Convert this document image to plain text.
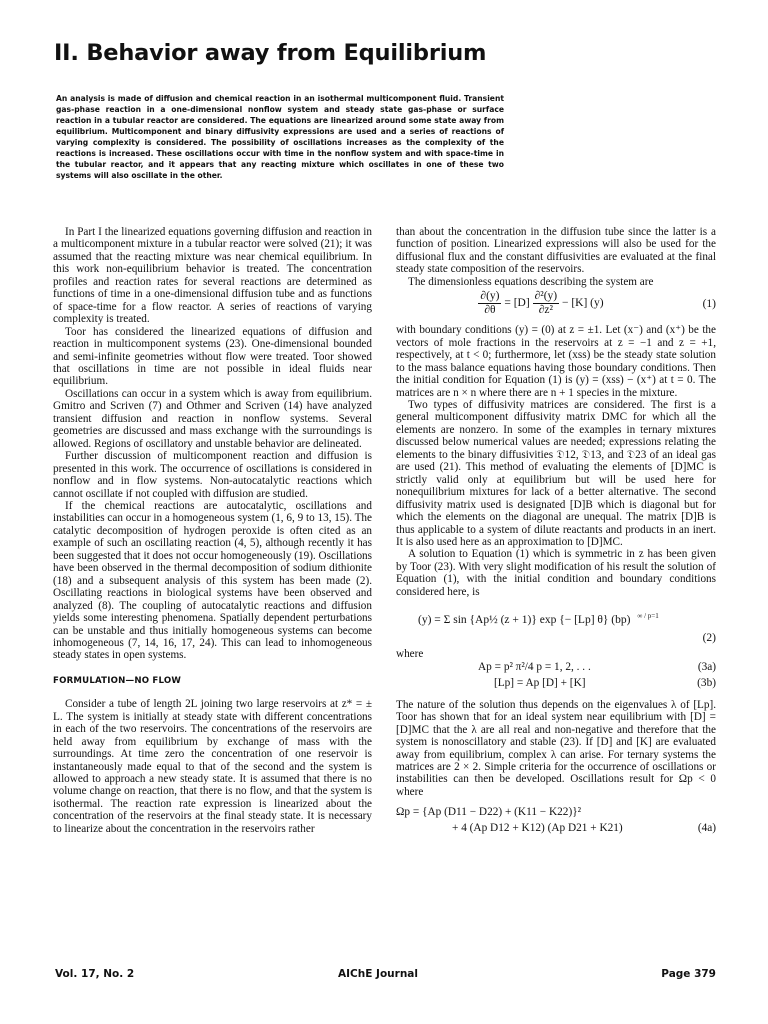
II. Behavior away from Equilibrium

An analysis is made of diffusion and chemical reaction in an isothermal multicomponent fluid. Transient gas-phase reaction in a one-dimensional nonflow system and steady state gas-phase or surface reaction in a tubular reactor are considered. The equations are linearized around some state away from equilibrium. Multicomponent and binary diffusivity expressions are used and a series of reactions of varying complexity is considered. The possibility of oscillations increases as the complexity of the reactions is increased. These oscillations occur with time in the nonflow system and with space-time in the tubular reactor, and it appears that any reacting mixture which oscillates in one of these two systems will also oscillate in the other.

In Part I the linearized equations governing diffusion and reaction in a multicomponent mixture in a tubular reactor were solved (21); it was assumed that the reacting mixture was near chemical equilibrium. In this work non-equilibrium behavior is treated. The concentration profiles and reaction rates for several reactions are determined as functions of time in a one-dimensional diffusion tube and as functions of space-time for a flow reactor. A series of reactions of varying complexity is treated.

Toor has considered the linearized equations of diffusion and reaction in multicomponent systems (23). One-dimensional bounded and semi-infinite geometries without flow were treated. Toor showed that oscillations in time are not possible in ideal fluids near equilibrium.

Oscillations can occur in a system which is away from equilibrium. Gmitro and Scriven (7) and Othmer and Scriven (14) have analyzed transient diffusion and reaction in nonflow systems. Several geometries are discussed and mass exchange with the surroundings is allowed. Regions of oscillatory and unstable behavior are delineated.

Further discussion of multicomponent reaction and diffusion is presented in this work. The occurrence of oscillations is considered in nonflow and in flow systems. Non-autocatalytic reactions which cannot oscillate if not coupled with diffusion are studied.

If the chemical reactions are autocatalytic, oscillations and instabilities can occur in a homogeneous system (1, 6, 9 to 13, 15). The catalytic decomposition of hydrogen peroxide is often cited as an example of such an oscillating reaction (4, 5), although recently it has been suggested that it does not occur homogeneously (19). Oscillations have been observed in the thermal decomposition of sodium dithionite (18) and a subsequent analysis of this system has been made (2). Oscillating reactions in biological systems have been observed and analyzed (8). The coupling of autocatalytic reactions and diffusion yields some interesting phenomena. Spatially dependent perturbations can be unstable and thus initially homogeneous systems can become inhomogeneous (7, 14, 16, 17, 24). This can lead to inhomogeneous steady states in open systems.

FORMULATION—NO FLOW

Consider a tube of length 2L joining two large reservoirs at z* = ± L. The system is initially at steady state with different concentrations in each of the two reservoirs. The concentrations of the reservoirs are held away from equilibrium by exchange of mass with the surroundings. At time zero the concentration of one reservoir is instantaneously made equal to that of the second and the system is allowed to approach a new steady state. It is assumed that there is no volume change on reaction, that there is no flow, and that the system is isothermal. The reaction rate expression is linearized about the concentration of the reservoirs at the final steady state. It is necessary to linearize about the concentration in the reservoirs rather

than about the concentration in the diffusion tube since the latter is a function of position. Linearized expressions will also be used for the diffusional flux and the constant diffusivities are evaluated at the final steady state composition of the reservoirs.

The dimensionless equations describing the system are

$\frac{\partial(y)}{\partial\theta} = [D] \frac{\text{∂²(y)}}{\text{∂z²}} - [K]$ (y)	(1)

with boundary conditions (y) = (0) at z = ±1. Let (x⁻) and (x⁺) be the vectors of mole fractions in the reservoirs at z = −1 and z = +1, respectively, at t < 0; furthermore, let (xss) be the steady state solution to the mass balance equations having those boundary conditions. Then the initial condition for Equation (1) is (y) = (xss) − (x⁺) at t = 0. The matrices are n × n where there are n + 1 species in the mixture.

Two types of diffusivity matrices are considered. The first is a general multicomponent diffusivity matrix DMC for which all the elements are nonzero. In some of the examples in ternary mixtures discussed below numerical values are needed; expressions relating the elements to the binary diffusivities 𝔇12, 𝔇13, and 𝔇23 of an ideal gas are used (21). This method of evaluating the elements of [D]MC is strictly valid only at equilibrium but will be used here for nonequilibrium mixtures for lack of a better alternative. The second diffusivity matrix used is designated [D]B which is diagonal but for which the elements on the diagonal are unequal. The matrix [D]B is thus applicable to a system of dilute reactants and products in an inert. It is also used here as an approximation to [D]MC.

A solution to Equation (1) which is symmetric in z has been given by Toor (23). With very slight modification of his result the solution of Equation (1), with the initial condition and boundary conditions considered here, is

(y) = Σ sin {Ap½ (z + 1)} exp {− [Lp] θ} (bp) $^{\infty / p=1}$
(2)

where

Ap = p² π²/4 p = 1, 2, . . .	(3a)
[Lp] = Ap [D] + [K]	(3b)

The nature of the solution thus depends on the eigenvalues λ of [Lp]. Toor has shown that for an ideal system near equilibrium with [D] = [D]MC that the λ are all real and non-negative and therefore that the system is nonoscillatory and stable (23). If [D] and [K] are evaluated away from equilibrium, complex λ can arise. For ternary systems the matrices are 2 × 2. Simple criteria for the occurrence of oscillations or instabilities can then be developed. Oscillations result for Ωp < 0 where

Ωp = {Ap (D11 − D22) + (K11 − K22)}²
+ 4 (Ap D12 + K12) (Ap D21 + K21)	(4a)
Vol. 17, No. 2	AIChE Journal	Page 379
